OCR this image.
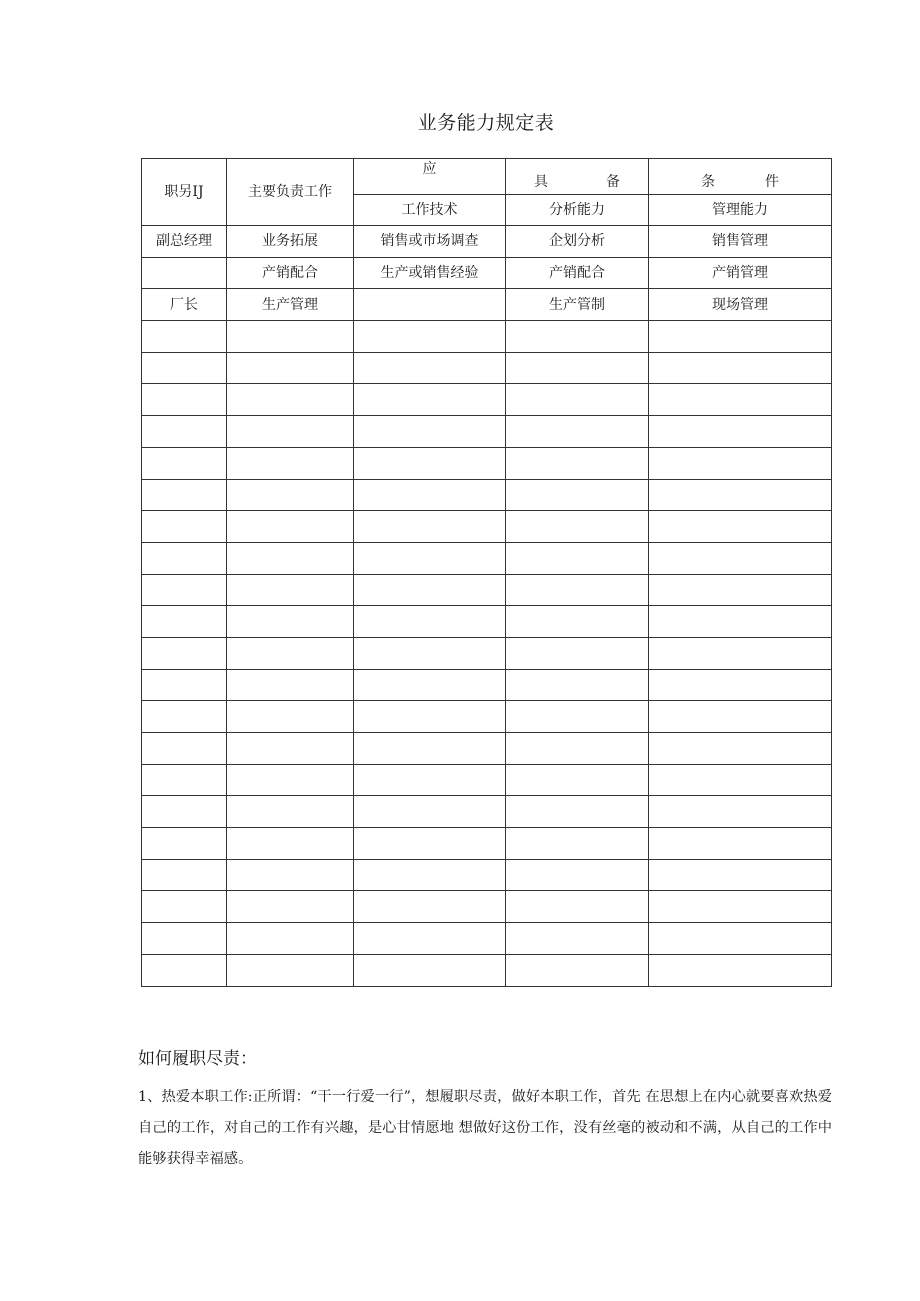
业务能力规定表
职另IJ	主要负责工作	应	具 备	条 件

		工作技术	分析能力	管理能力
副总经理	业务拓展	销售或市场调查	企划分析	销售管理
	产销配合	生产或销售经验	产销配合	产销管理
厂长	生产管理		生产管制	现场管理

如何履职尽责：
1、热爱本职工作:正所谓：“干一行爱一行”，想履职尽责，做好本职工作，首先 在思想上在内心就要喜欢热爱自己的工作，对自己的工作有兴趣，是心甘情愿地 想做好这份工作，没有丝毫的被动和不满，从自己的工作中能够获得幸福感。
